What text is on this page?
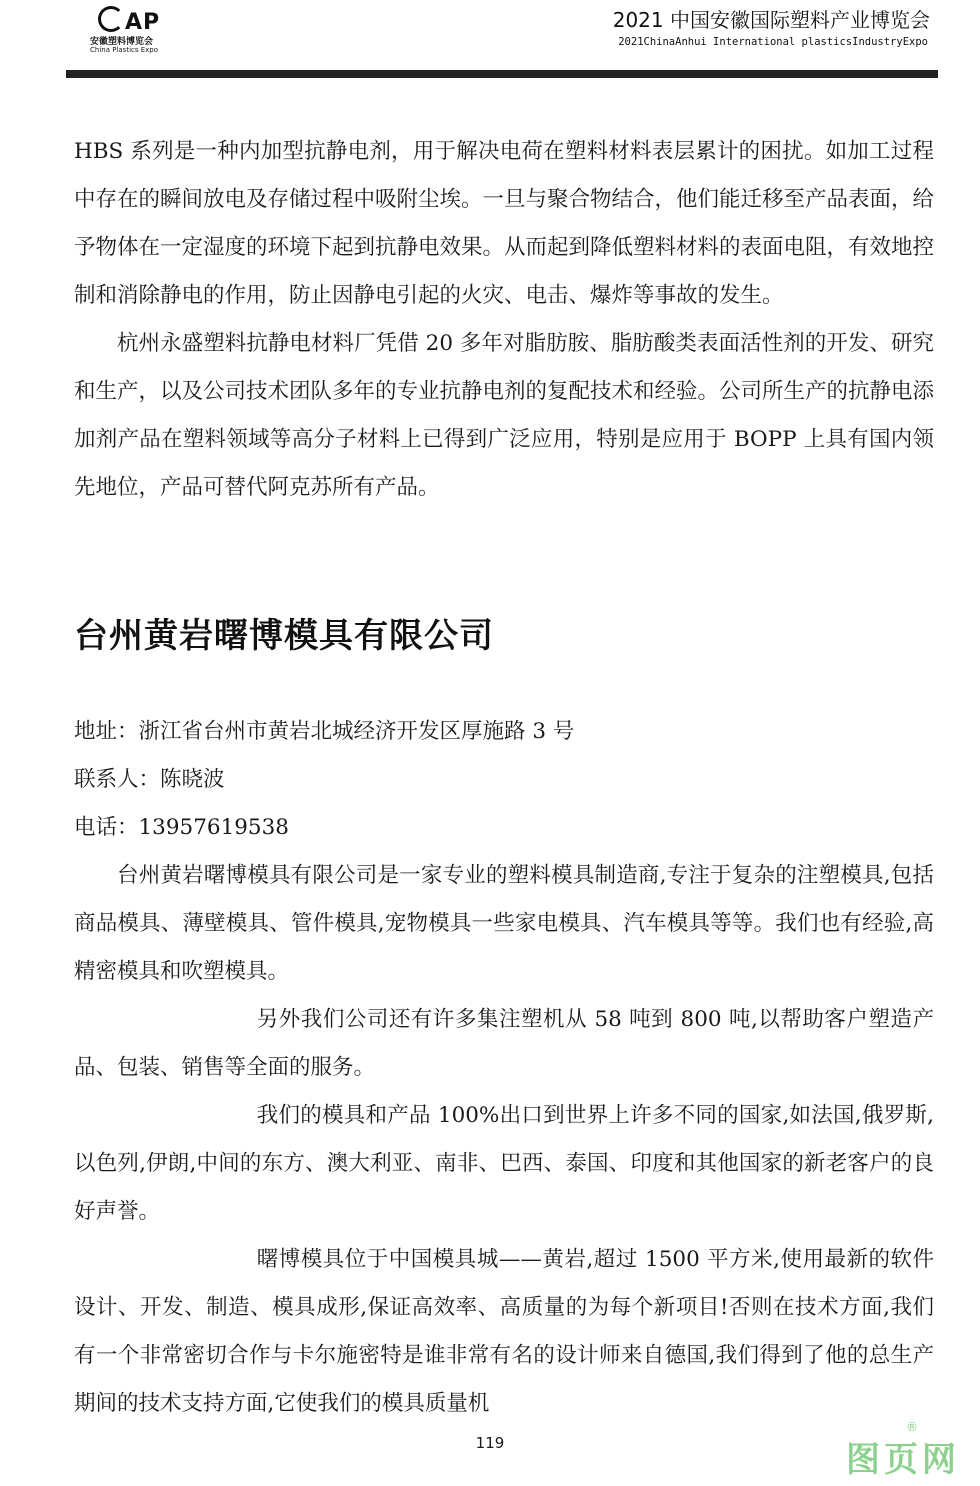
AP
安徽塑料博览会
China Plastics Expo
2021 中国安徽国际塑料产业博览会
2021ChinaAnhui International plasticsIndustryExpo

HBS 系列是一种内加型抗静电剂，用于解决电荷在塑料材料表层累计的困扰。如加工过程中存在的瞬间放电及存储过程中吸附尘埃。一旦与聚合物结合，他们能迁移至产品表面，给予物体在一定湿度的环境下起到抗静电效果。从而起到降低塑料材料的表面电阻，有效地控制和消除静电的作用，防止因静电引起的火灾、电击、爆炸等事故的发生。

杭州永盛塑料抗静电材料厂凭借 20 多年对脂肪胺、脂肪酸类表面活性剂的开发、研究和生产，以及公司技术团队多年的专业抗静电剂的复配技术和经验。公司所生产的抗静电添加剂产品在塑料领域等高分子材料上已得到广泛应用，特别是应用于 BOPP 上具有国内领先地位，产品可替代阿克苏所有产品。

台州黄岩曙博模具有限公司

地址：浙江省台州市黄岩北城经济开发区厚施路 3 号

联系人：陈晓波

电话：13957619538

台州黄岩曙博模具有限公司是一家专业的塑料模具制造商,专注于复杂的注塑模具,包括商品模具、薄壁模具、管件模具,宠物模具一些家电模具、汽车模具等等。我们也有经验,高精密模具和吹塑模具。

另外我们公司还有许多集注塑机从 58 吨到 800 吨,以帮助客户塑造产品、包装、销售等全面的服务。

我们的模具和产品 100%出口到世界上许多不同的国家,如法国,俄罗斯,以色列,伊朗,中间的东方、澳大利亚、南非、巴西、泰国、印度和其他国家的新老客户的良好声誉。

曙博模具位于中国模具城——黄岩,超过 1500 平方米,使用最新的软件设计、开发、制造、模具成形,保证高效率、高质量的为每个新项目!否则在技术方面,我们有一个非常密切合作与卡尔施密特是谁非常有名的设计师来自德国,我们得到了他的总生产期间的技术支持方面,它使我们的模具质量机

119	图页网
®
